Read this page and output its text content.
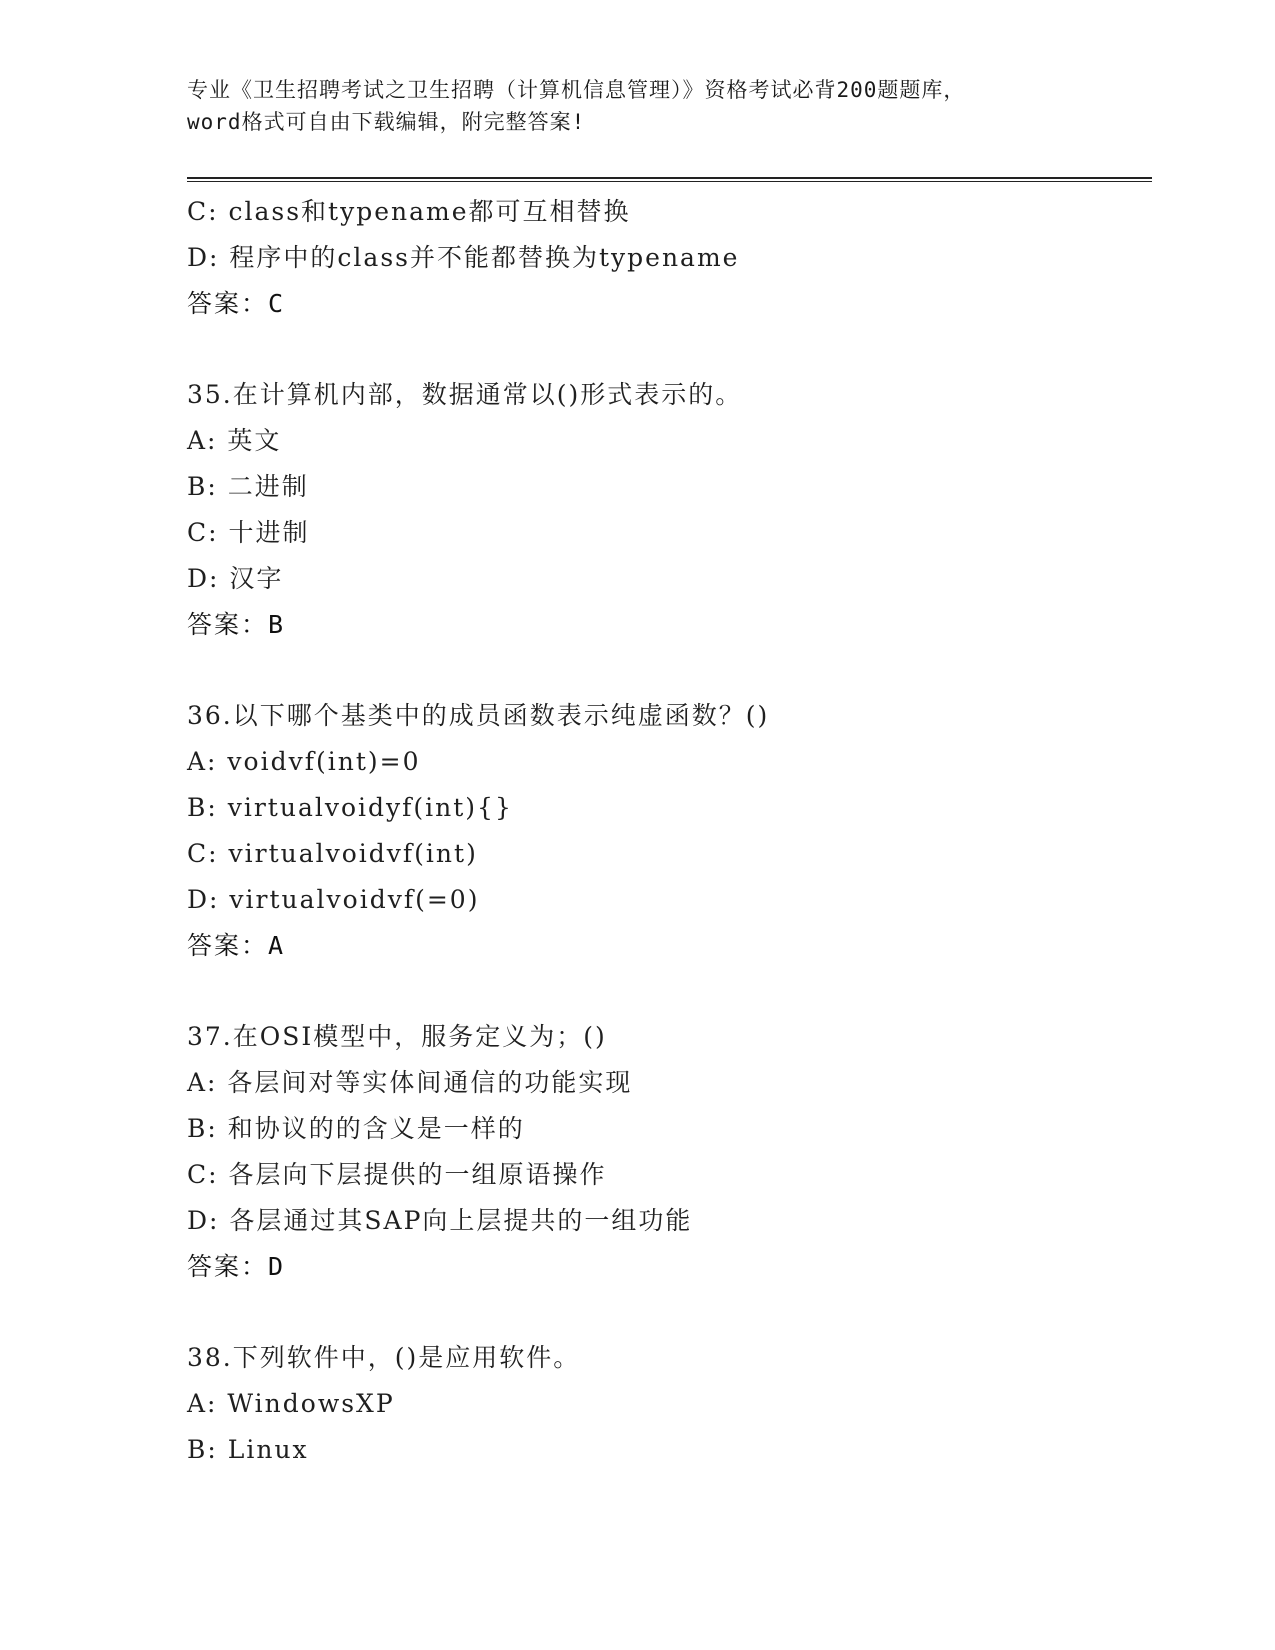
专业《卫生招聘考试之卫生招聘（计算机信息管理）》资格考试必背200题题库，
word格式可自由下载编辑，附完整答案!
C: class和typename都可互相替换
D: 程序中的class并不能都替换为typename
答案：C
35.在计算机内部，数据通常以()形式表示的。
A: 英文
B: 二进制
C: 十进制
D: 汉字
答案：B
36.以下哪个基类中的成员函数表示纯虚函数？()
A: voidvf(int)=0
B: virtualvoidyf(int){}
C: virtualvoidvf(int)
D: virtualvoidvf(=0)
答案：A
37.在OSI模型中，服务定义为；()
A: 各层间对等实体间通信的功能实现
B: 和协议的的含义是一样的
C: 各层向下层提供的一组原语操作
D: 各层通过其SAP向上层提共的一组功能
答案：D
38.下列软件中，()是应用软件。
A: WindowsXP
B: Linux
